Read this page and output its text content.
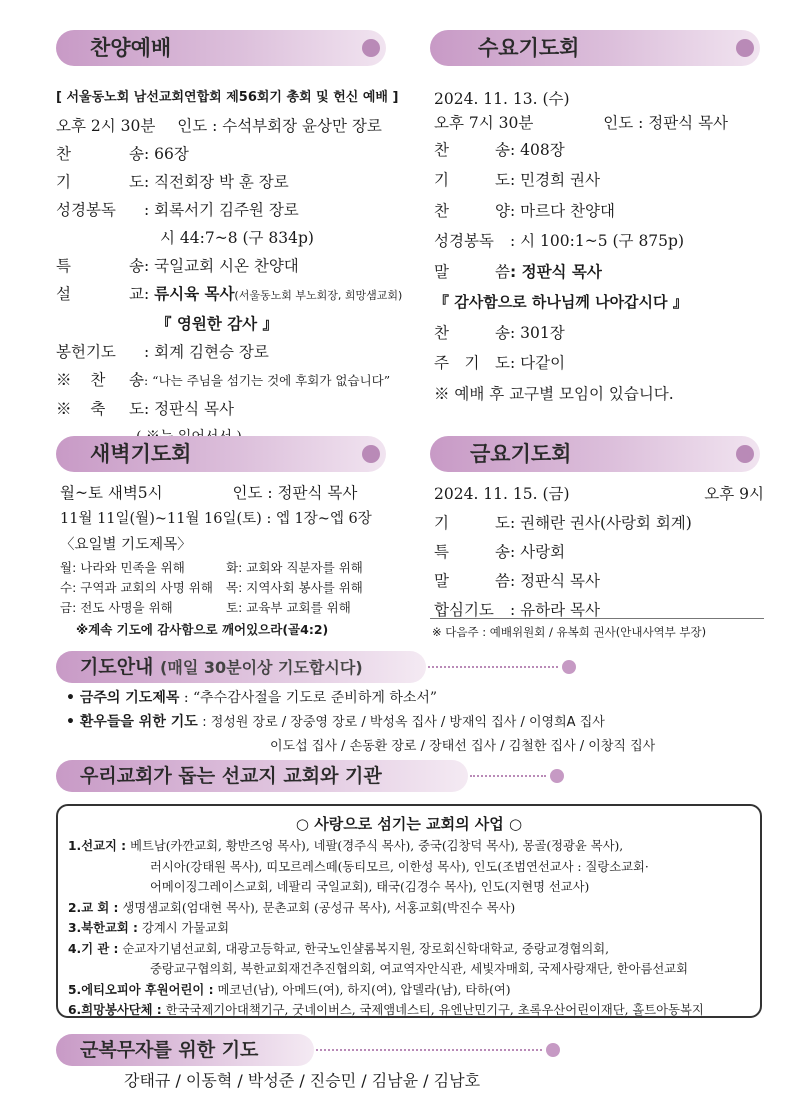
찬양예배
[ 서울동노회 남선교회연합회 제56회기 총회 및 헌신 예배 ]
오후 2시 30분 인도 : 수석부회장 윤상만 장로
찬 송: 66장
기 도: 직전회장 박 훈 장로
성경봉독 : 회록서기 김주원 장로
시 44:7~8 (구 834p)
특 송: 국일교회 시온 찬양대
설 교: 류시육 목사(서울동노회 부노회장, 희망샘교회)
『 영원한 감사 』
봉헌기도 : 회계 김현승 장로
※찬 송: “나는 주님을 섬기는 것에 후회가 없습니다”
※축 도: 정판식 목사
수요기도회
2024. 11. 13. (수)
오후 7시 30분	인도 : 정판식 목사
찬 송: 408장
기 도: 민경희 권사
찬 양: 마르다 찬양대
성경봉독 : 시 100:1~5 (구 875p)
말 씀: 정판식 목사
『 감사함으로 하나님께 나아갑시다 』
찬 송: 301장
주 기 도: 다같이
※ 예배 후 교구별 모임이 있습니다.
새벽기도회
월~토 새벽5시	인도 : 정판식 목사
11월 11일(월)~11월 16일(토) : 엡 1장~엡 6장
〈요일별 기도제목〉
월: 나라와 민족을 위해	화: 교회와 직분자를 위해
수: 구역과 교회의 사명 위해	목: 지역사회 봉사를 위해
금: 전도 사명을 위해	토: 교육부 교회를 위해
※계속 기도에 감사함으로 깨어있으라(골4:2)
금요기도회
2024. 11. 15. (금)	오후 9시
기 도: 권해란 권사(사랑회 회계)
특 송: 사랑회
말 씀: 정판식 목사
합심기도 : 유하라 목사
※ 다음주 : 예배위원회 / 유복희 권사(안내사역부 부장)
기도안내 (매일 30분이상 기도합시다)
• 금주의 기도제목 : “추수감사절을 기도로 준비하게 하소서”
• 환우들을 위한 기도 : 정성원 장로 / 장중영 장로 / 박성옥 집사 / 방재익 집사 / 이영희A 집사
이도섭 집사 / 손동환 장로 / 장태선 집사 / 김철한 집사 / 이창직 집사
우리교회가 돕는 선교지 교회와 기관
○ 사랑으로 섬기는 교회의 사업 ○
1.선교지 : 베트남(카깐교회, 황반즈엉 목사), 네팔(경주식 목사), 중국(김창덕 목사), 몽골(정광윤 목사),
러시아(강태원 목사), 띠모르레스떼(동티모르, 이한성 목사), 인도(조범연선교사 : 질랑소교회·
어메이징그레이스교회, 네팔리 국일교회), 태국(김경수 목사), 인도(지현명 선교사)
2.교 회 : 생명샘교회(엄대현 목사), 문촌교회 (공성규 목사), 서홍교회(박진수 목사)
3.북한교회 : 강계시 가물교회
4.기 관 : 순교자기념선교회, 대광고등학교, 한국노인샬롬복지원, 장로회신학대학교, 중랑교경협의회,
중랑교구협의회, 북한교회재건추진협의회, 여교역자안식관, 세빛자매회, 국제사랑재단, 한아름선교회
5.에티오피아 후원어린이 : 메코넌(남), 아메드(여), 하지(여), 압델라(남), 타하(여)
6.희망봉사단체 : 한국국제기아대책기구, 굿네이버스, 국제앰네스티, 유엔난민기구, 초록우산어린이재단, 홀트아동복지
군복무자를 위한 기도
강태규 / 이동혁 / 박성준 / 진승민 / 김남윤 / 김남호
